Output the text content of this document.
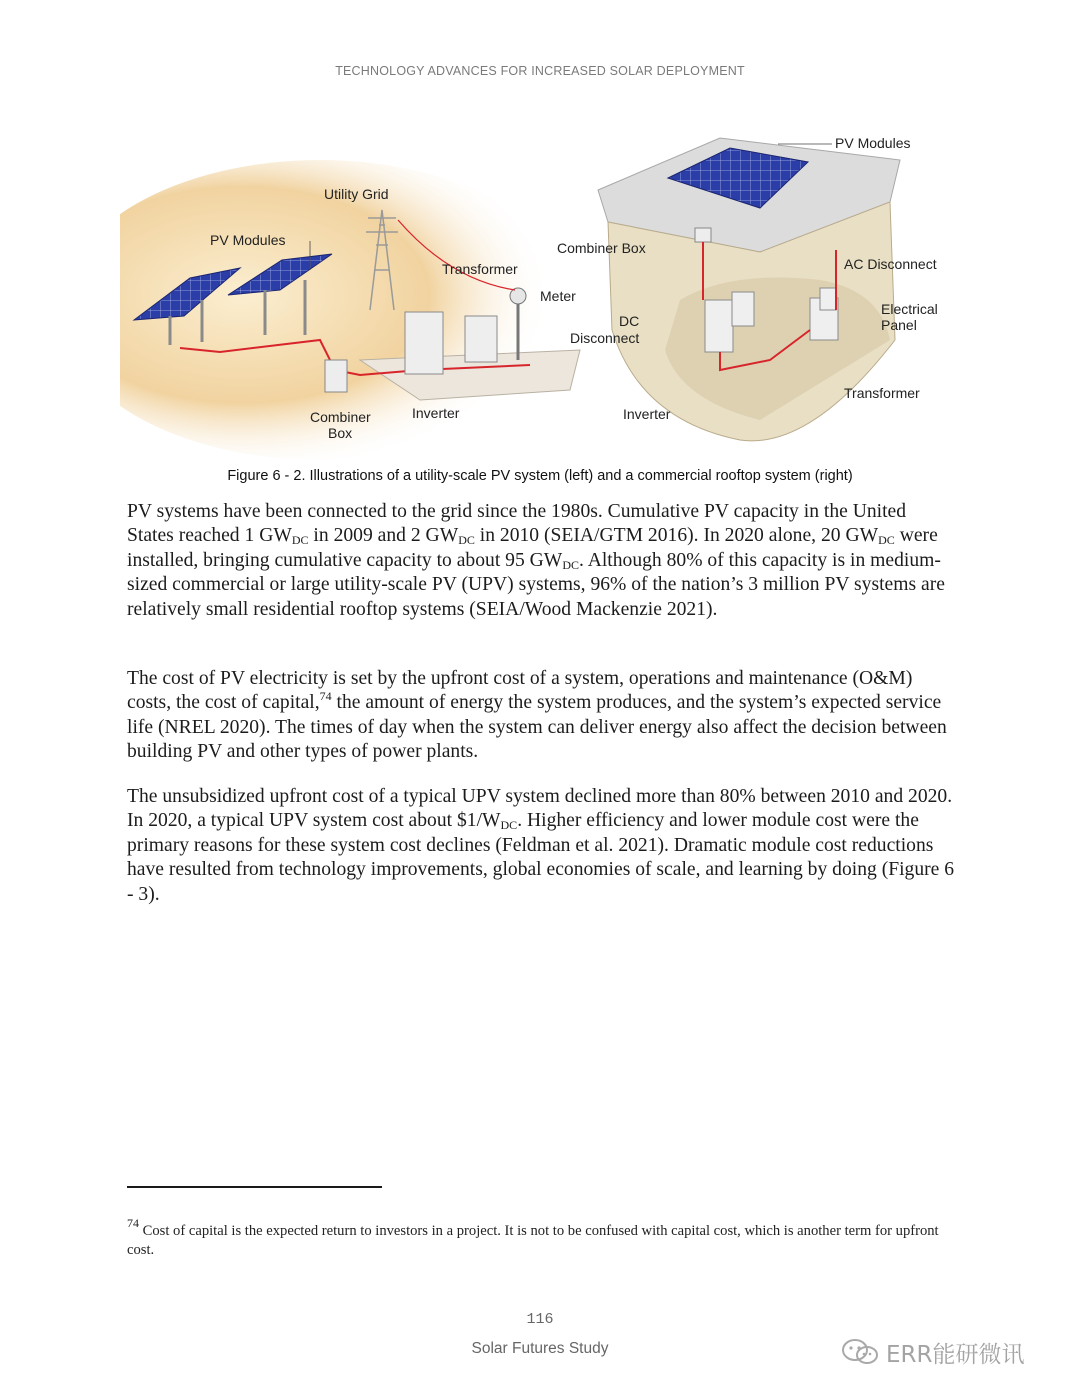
TECHNOLOGY ADVANCES FOR INCREASED SOLAR DEPLOYMENT
PV Modules
Utility Grid
Transformer
Meter
Combiner
Box
Inverter
PV Modules
Combiner Box
AC Disconnect
Electrical
Panel
DC
Disconnect
Transformer
Inverter
Figure 6 - 2. Illustrations of a utility-scale PV system (left) and a commercial rooftop system (right)

PV systems have been connected to the grid since the 1980s. Cumulative PV capacity in the United States reached 1 $GW_{DC}$ in 2009 and 2 $GW_{DC}$ in 2010 (SEIA/GTM 2016). In 2020 alone, 20 $GW_{DC}$ were installed, bringing cumulative capacity to about 95 $GW_{DC}$. Although 80% of this capacity is in medium-sized commercial or large utility-scale PV (UPV) systems, 96% of the nation’s 3 million PV systems are relatively small residential rooftop systems (SEIA/Wood Mackenzie 2021).

The cost of PV electricity is set by the upfront cost of a system, operations and maintenance (O&M) costs, the cost of capital,$^{74}$ the amount of energy the system produces, and the system’s expected service life (NREL 2020). The times of day when the system can deliver energy also affect the decision between building PV and other types of power plants.

The unsubsidized upfront cost of a typical UPV system declined more than 80% between 2010 and 2020. In 2020, a typical UPV system cost about $\$1/W_{DC}$. Higher efficiency and lower module cost were the primary reasons for these system cost declines (Feldman et al. 2021). Dramatic module cost reductions have resulted from technology improvements, global economies of scale, and learning by doing (Figure 6 - 3).

$^{74}$ Cost of capital is the expected return to investors in a project. It is not to be confused with capital cost, which is another term for upfront cost.
116
Solar Futures Study	ERR能研微讯
